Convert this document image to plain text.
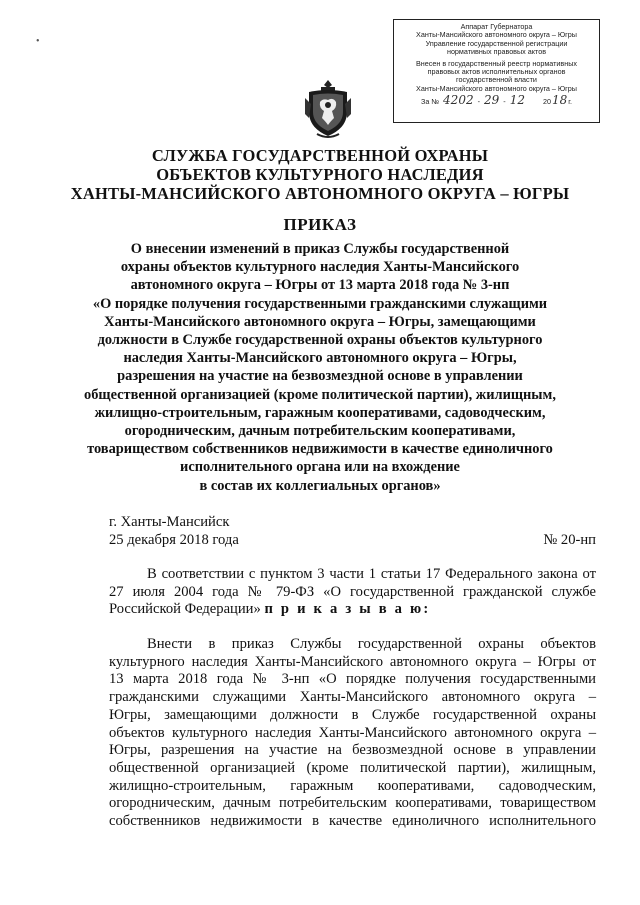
Аппарат Губернатора
Ханты-Мансийского автономного округа – Югры
Управление государственной регистрации
нормативных правовых актов
Внесен в государственный реестр нормативных
правовых актов исполнительных органов
государственной власти
Ханты-Мансийского автономного округа – Югры
За № 4202 - 29 - 12	20 18 г.
СЛУЖБА ГОСУДАРСТВЕННОЙ ОХРАНЫ
ОБЪЕКТОВ КУЛЬТУРНОГО НАСЛЕДИЯ
ХАНТЫ-МАНСИЙСКОГО АВТОНОМНОГО ОКРУГА – ЮГРЫ
ПРИКАЗ
О внесении изменений в приказ Службы государственной
охраны объектов культурного наследия Ханты-Мансийского
автономного округа – Югры от 13 марта 2018 года № 3-нп
«О порядке получения государственными гражданскими служащими
Ханты-Мансийского автономного округа – Югры, замещающими
должности в Службе государственной охраны объектов культурного
наследия Ханты-Мансийского автономного округа – Югры,
разрешения на участие на безвозмездной основе в управлении
общественной организацией (кроме политической партии), жилищным,
жилищно-строительным, гаражным кооперативами, садоводческим,
огородническим, дачным потребительским кооперативами,
товариществом собственников недвижимости в качестве единоличного
исполнительного органа или на вхождение
в состав их коллегиальных органов»
г. Ханты-Мансийск
25 декабря 2018 года	№ 20-нп
В соответствии с пунктом 3 части 1 статьи 17 Федерального закона от
27 июля 2004 года № 79-ФЗ «О государственной гражданской службе
Российской Федерации» п р и к а з ы в а ю:
Внести в приказ Службы государственной охраны объектов
культурного наследия Ханты-Мансийского автономного округа – Югры от
13 марта 2018 года № 3-нп «О порядке получения государственными
гражданскими служащими Ханты-Мансийского автономного округа –
Югры, замещающими должности в Службе государственной охраны
объектов культурного наследия Ханты-Мансийского автономного округа –
Югры, разрешения на участие на безвозмездной основе в управлении
общественной организацией (кроме политической партии), жилищным,
жилищно-строительным, гаражным кооперативами, садоводческим,
огородническим, дачным потребительским кооперативами, товариществом
собственников недвижимости в качестве единоличного исполнительного
•
